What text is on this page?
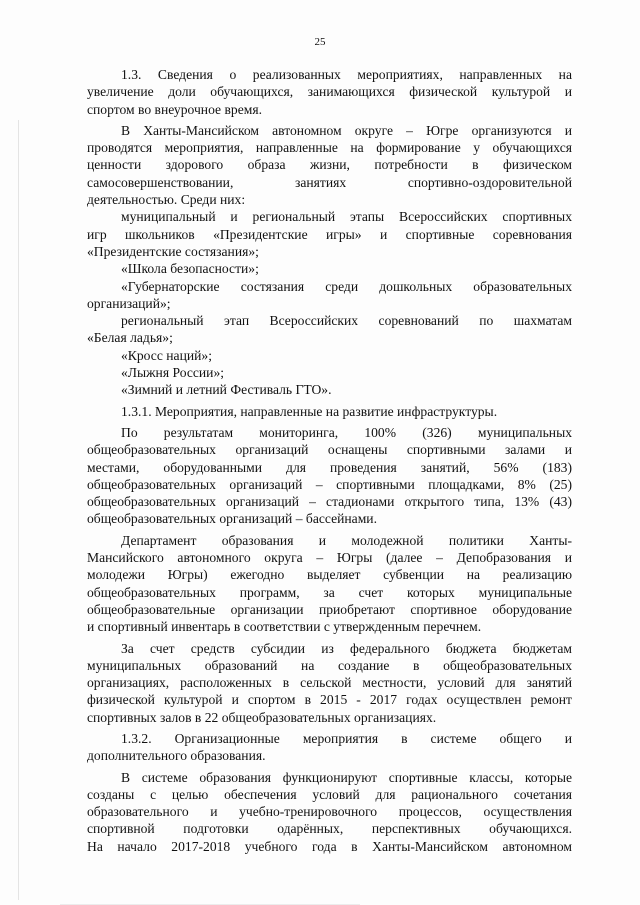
25
1.3. Сведения о реализованных мероприятиях, направленных на
увеличение доли обучающихся, занимающихся физической культурой и
спортом во внеурочное время.
В Ханты-Мансийском автономном округе – Югре организуются и
проводятся мероприятия, направленные на формирование у обучающихся
ценности здорового образа жизни, потребности в физическом
самосовершенствовании, занятиях спортивно-оздоровительной
деятельностью. Среди них:
муниципальный и региональный этапы Всероссийских спортивных
игр школьников «Президентские игры» и спортивные соревнования
«Президентские состязания»;
«Школа безопасности»;
«Губернаторские состязания среди дошкольных образовательных
организаций»;
региональный этап Всероссийских соревнований по шахматам
«Белая ладья»;
«Кросс наций»;
«Лыжня России»;
«Зимний и летний Фестиваль ГТО».
1.3.1. Мероприятия, направленные на развитие инфраструктуры.
По результатам мониторинга, 100% (326) муниципальных
общеобразовательных организаций оснащены спортивными залами и
местами, оборудованными для проведения занятий, 56% (183)
общеобразовательных организаций – спортивными площадками, 8% (25)
общеобразовательных организаций – стадионами открытого типа, 13% (43)
общеобразовательных организаций – бассейнами.
Департамент образования и молодежной политики Ханты-
Мансийского автономного округа – Югры (далее – Депобразования и
молодежи Югры) ежегодно выделяет субвенции на реализацию
общеобразовательных программ, за счет которых муниципальные
общеобразовательные организации приобретают спортивное оборудование
и спортивный инвентарь в соответствии с утвержденным перечнем.
За счет средств субсидии из федерального бюджета бюджетам
муниципальных образований на создание в общеобразовательных
организациях, расположенных в сельской местности, условий для занятий
физической культурой и спортом в 2015 - 2017 годах осуществлен ремонт
спортивных залов в 22 общеобразовательных организациях.
1.3.2. Организационные мероприятия в системе общего и
дополнительного образования.
В системе образования функционируют спортивные классы, которые
созданы с целью обеспечения условий для рационального сочетания
образовательного и учебно-тренировочного процессов, осуществления
спортивной подготовки одарённых, перспективных обучающихся.
На начало 2017-2018 учебного года в Ханты-Мансийском автономном
